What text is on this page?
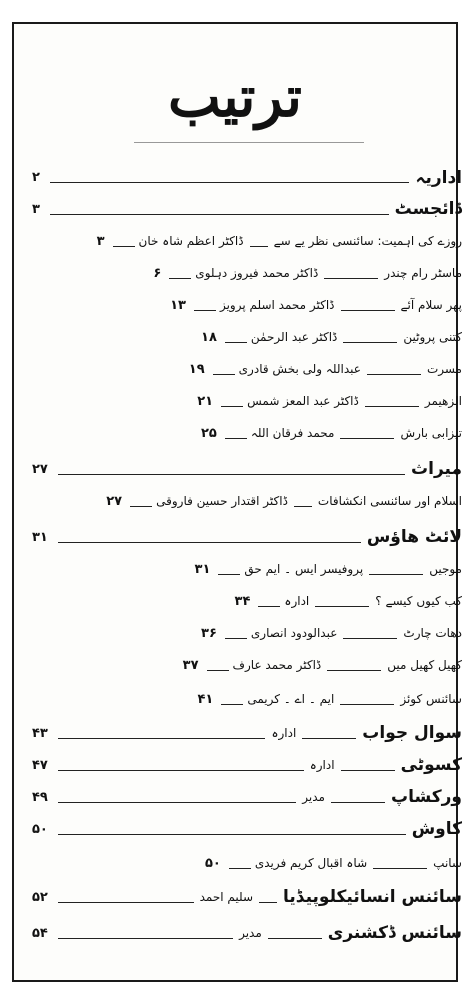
ترتیب
اداریہ
۲
ڈائجسٹ
۳
روزے کی اہمیت: سائنسی نظر یے سے
ڈاکٹر اعظم شاہ خان
۳
ماسٹر رام چندر
ڈاکٹر محمد فیروز دہلوی
۶
پھر سلام آئے
ڈاکٹر محمد اسلم پرویز
۱۳
کتنی پروٹین
ڈاکٹر عبد الرحمٰن
۱۸
مسرت
عبداللہ ولی بخش قادری
۱۹
الزھیمر
ڈاکٹر عبد المعز شمس
۲۱
تیزابی بارش
محمد فرقان اللہ
۲۵
میراث
۲۷
اسلام اور سائنسی انکشافات
ڈاکٹر اقتدار حسین فاروقی
۲۷
لائٹ ھاؤس
۳۱
موجیں
پروفیسر ایس ۔ ایم حق
۳۱
کب کیوں کیسے ؟
ادارہ
۳۴
دھات چارٹ
عبدالودود انصاری
۳۶
کھیل کھیل میں
ڈاکٹر محمد عارف
۳۷
سائنس کوئز
ایم ۔ اے ۔ کریمی
۴۱
سوال جواب
ادارہ
۴۳
کسوٹی
ادارہ
۴۷
ورکشاپ
مدیر
۴۹
کاوش
۵۰
سانپ
شاہ اقبال کریم فریدی
۵۰
سائنس انسائیکلوپیڈیا
سلیم احمد
۵۲
سائنس ڈکشنری
مدیر
۵۴
